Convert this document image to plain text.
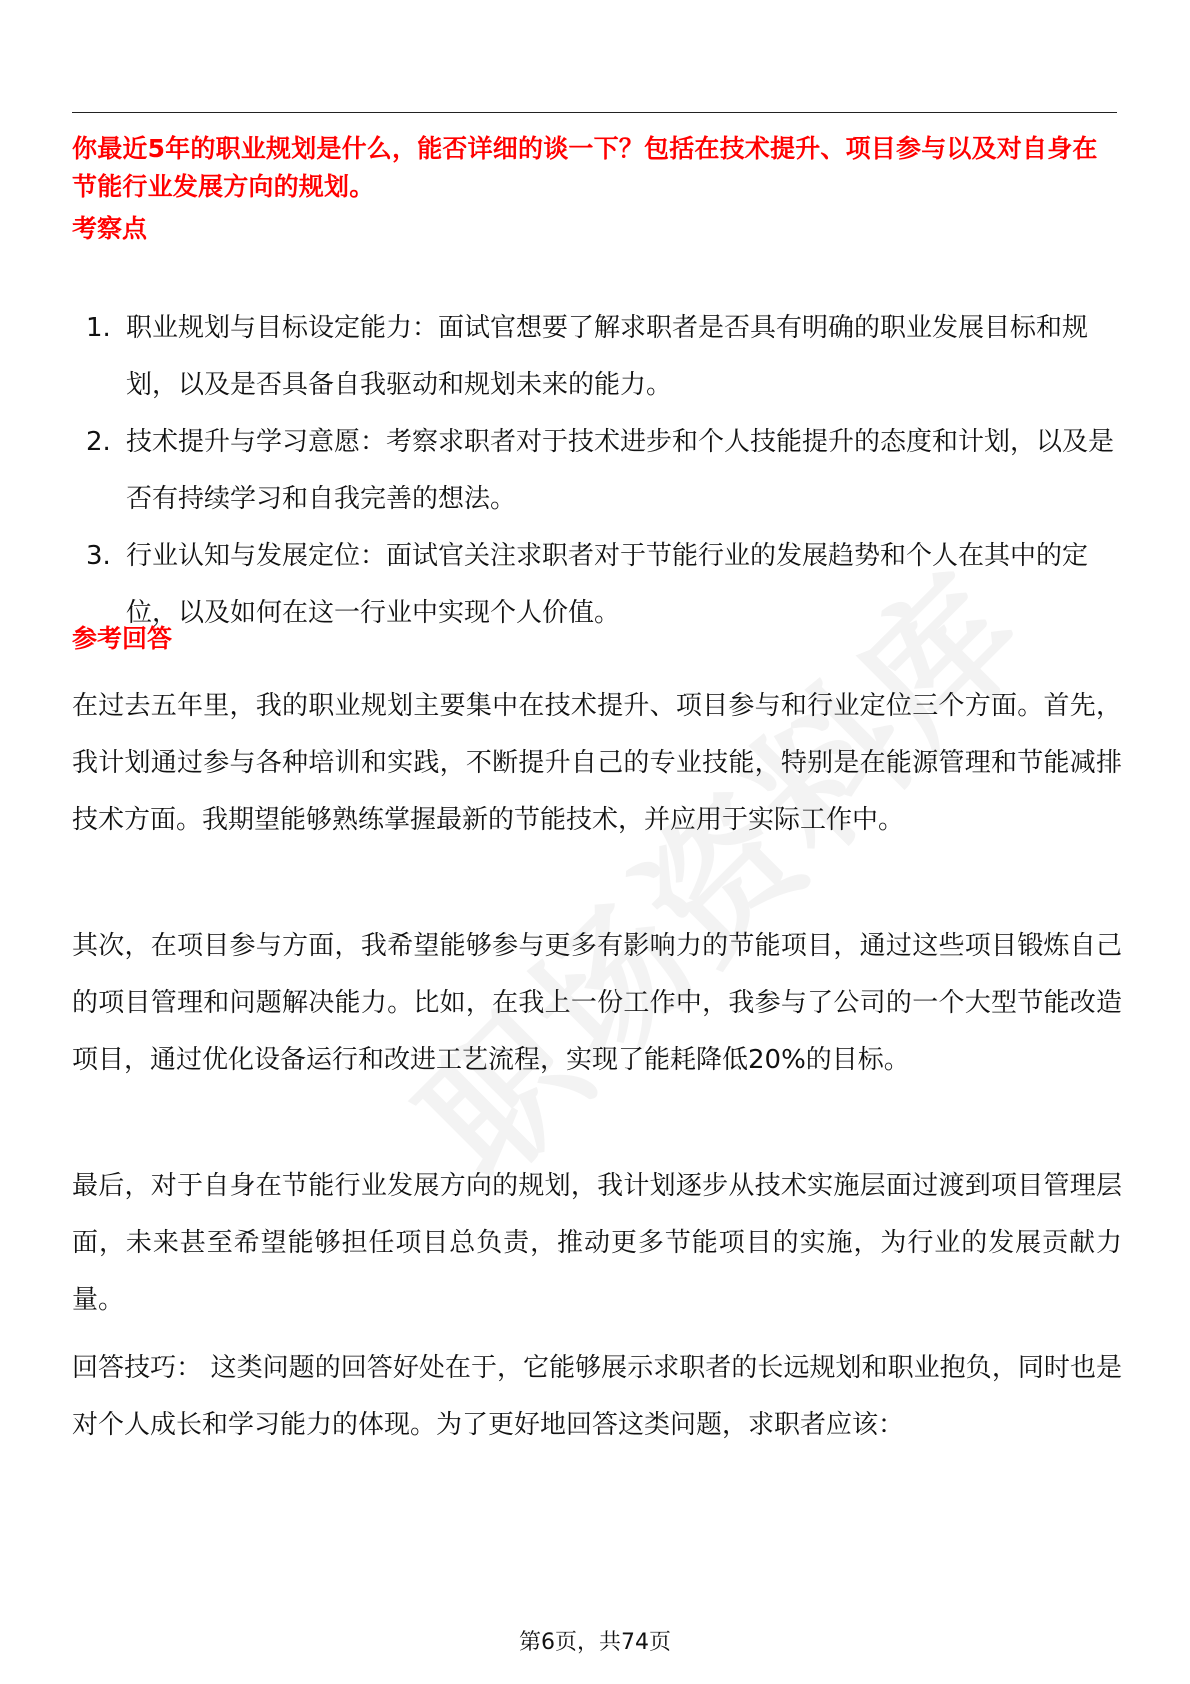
你最近5年的职业规划是什么，能否详细的谈一下？包括在技术提升、项目参与以及对自身在节能行业发展方向的规划。

考察点

1. 职业规划与目标设定能力：面试官想要了解求职者是否具有明确的职业发展目标和规划，以及是否具备自我驱动和规划未来的能力。
2. 技术提升与学习意愿：考察求职者对于技术进步和个人技能提升的态度和计划，以及是否有持续学习和自我完善的想法。
3. 行业认知与发展定位：面试官关注求职者对于节能行业的发展趋势和个人在其中的定位，以及如何在这一行业中实现个人价值。

参考回答

在过去五年里，我的职业规划主要集中在技术提升、项目参与和行业定位三个方面。首先，我计划通过参与各种培训和实践，不断提升自己的专业技能，特别是在能源管理和节能减排技术方面。我期望能够熟练掌握最新的节能技术，并应用于实际工作中。

其次，在项目参与方面，我希望能够参与更多有影响力的节能项目，通过这些项目锻炼自己的项目管理和问题解决能力。比如，在我上一份工作中，我参与了公司的一个大型节能改造项目，通过优化设备运行和改进工艺流程，实现了能耗降低20%的目标。

最后，对于自身在节能行业发展方向的规划，我计划逐步从技术实施层面过渡到项目管理层面，未来甚至希望能够担任项目总负责，推动更多节能项目的实施，为行业的发展贡献力量。

回答技巧： 这类问题的回答好处在于，它能够展示求职者的长远规划和职业抱负，同时也是对个人成长和学习能力的体现。为了更好地回答这类问题，求职者应该：

第6页，共74页
